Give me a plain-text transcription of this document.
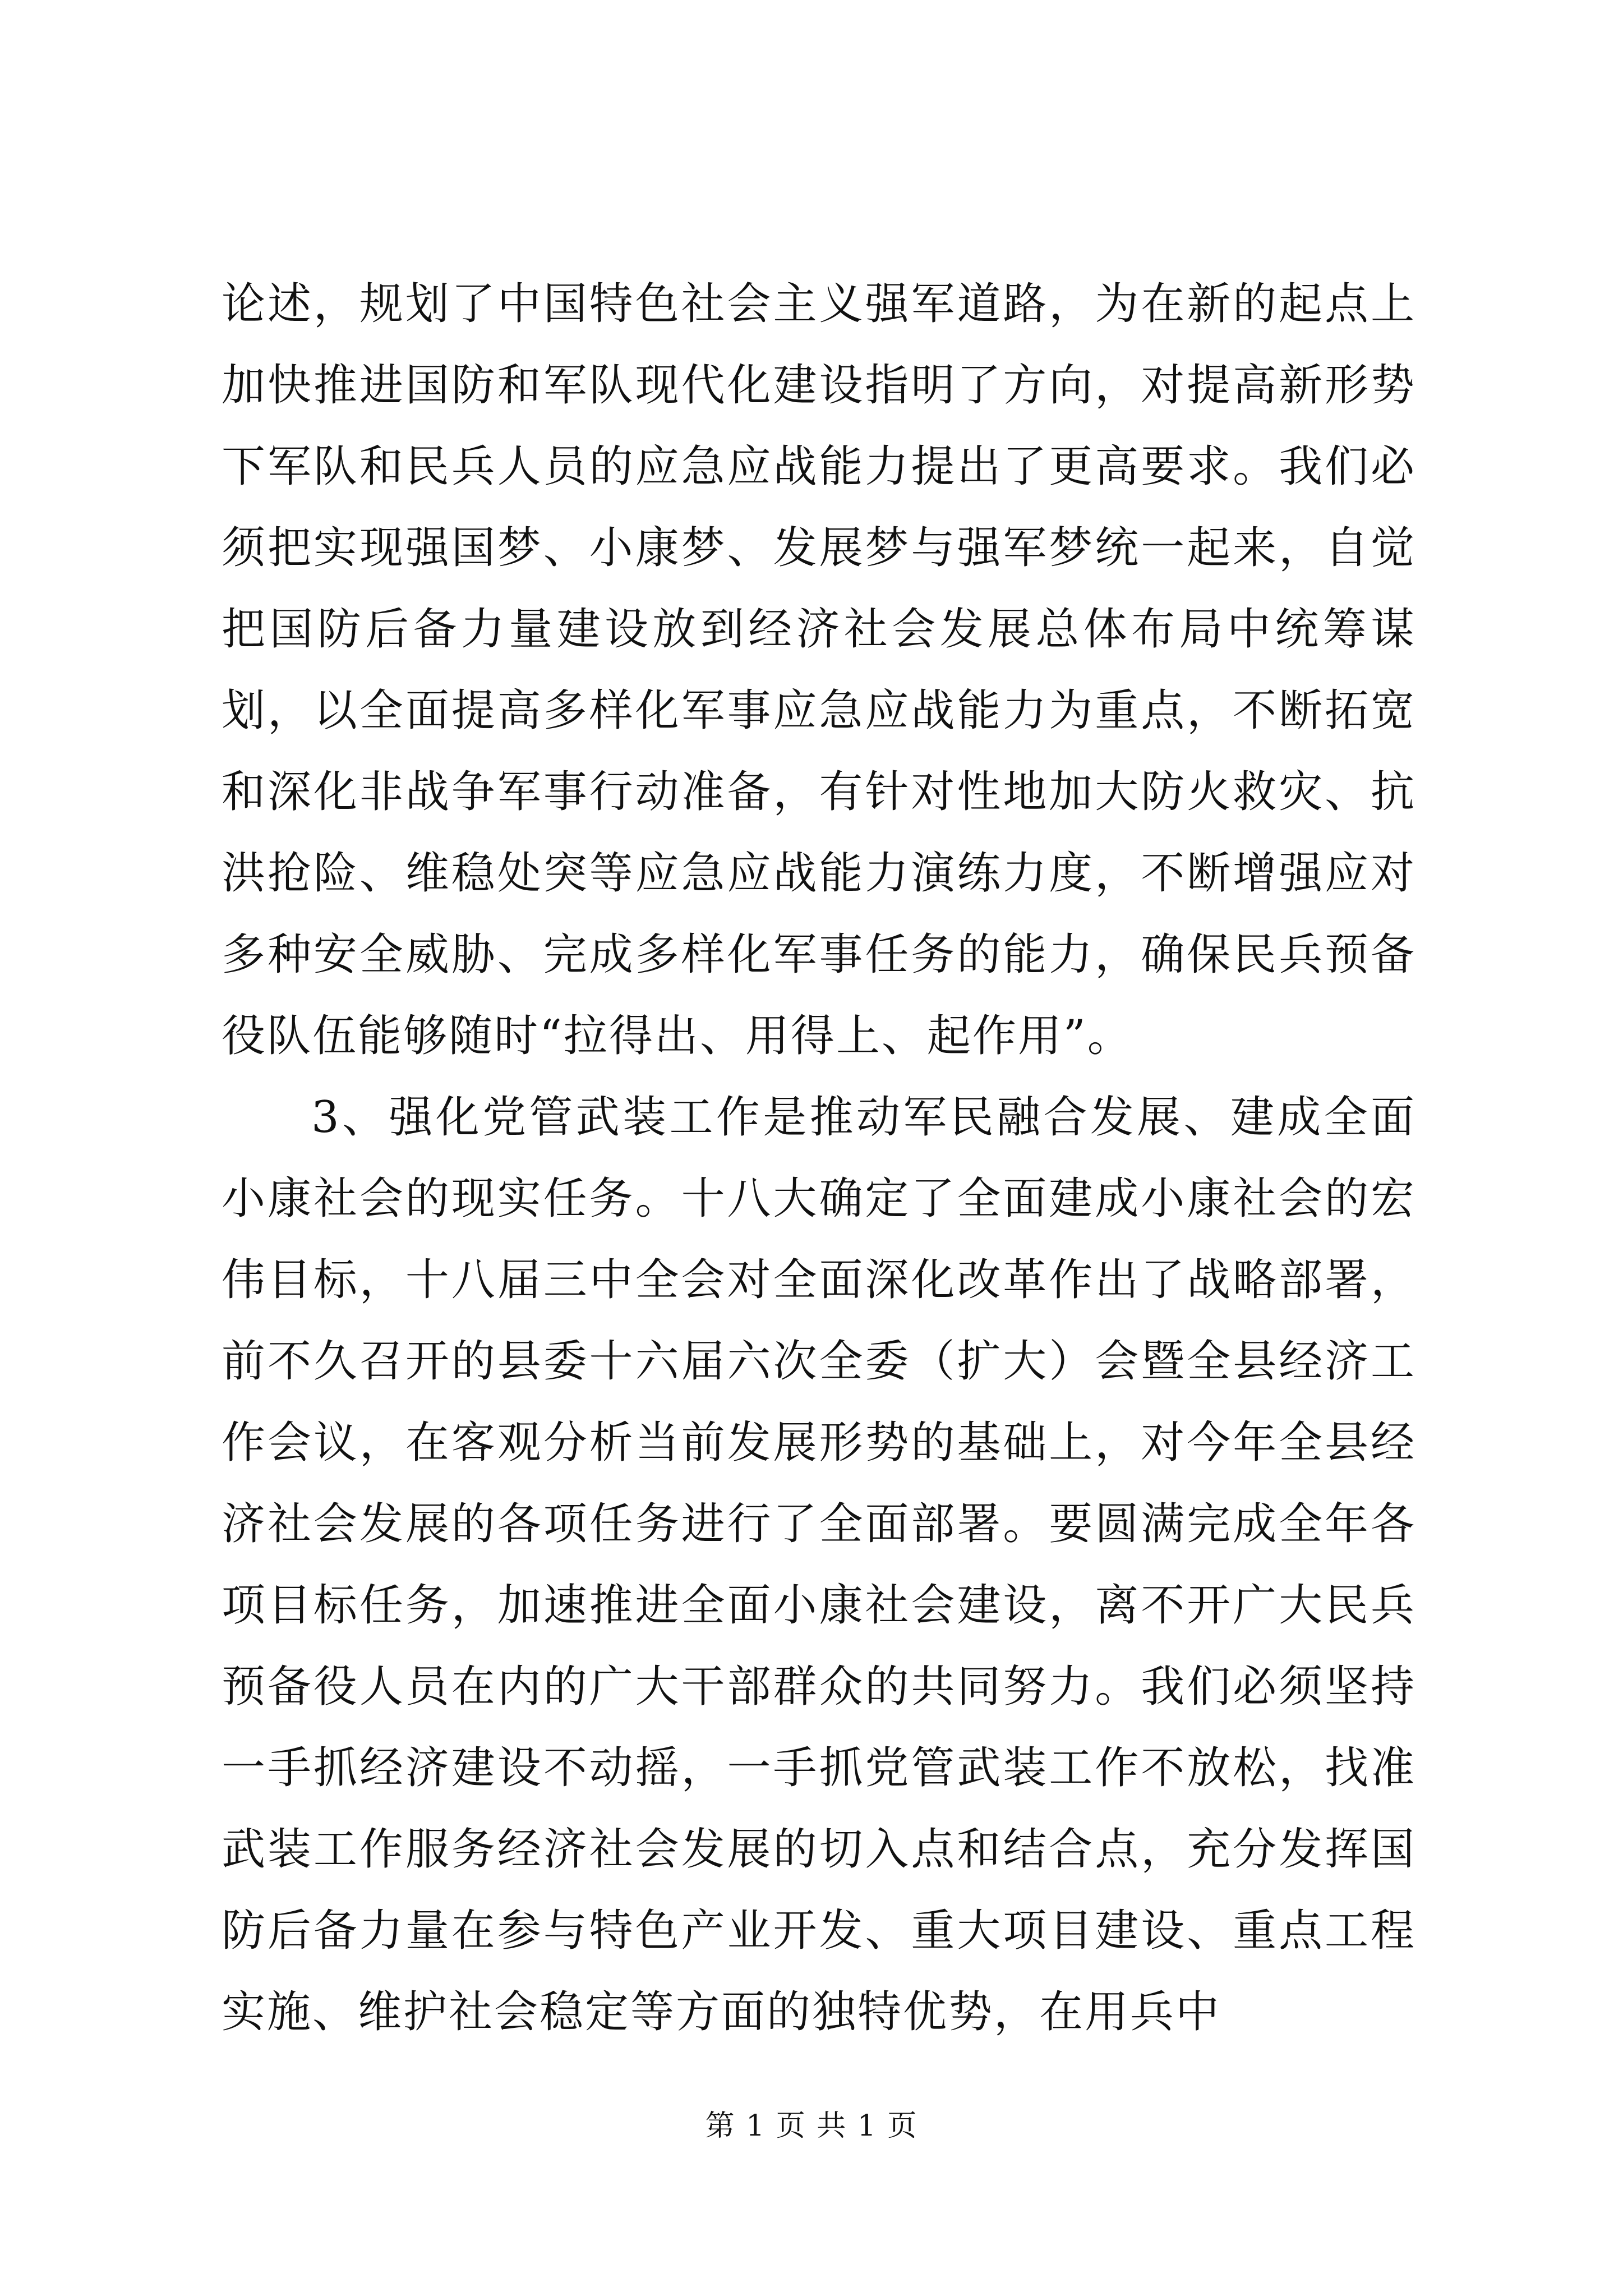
论述，规划了中国特色社会主义强军道路，为在新的起点上加快推进国防和军队现代化建设指明了方向，对提高新形势下军队和民兵人员的应急应战能力提出了更高要求。我们必须把实现强国梦、小康梦、发展梦与强军梦统一起来，自觉把国防后备力量建设放到经济社会发展总体布局中统筹谋划，以全面提高多样化军事应急应战能力为重点，不断拓宽和深化非战争军事行动准备，有针对性地加大防火救灾、抗洪抢险、维稳处突等应急应战能力演练力度，不断增强应对多种安全威胁、完成多样化军事任务的能力，确保民兵预备役队伍能够随时“拉得出、用得上、起作用”。

3、强化党管武装工作是推动军民融合发展、建成全面小康社会的现实任务。十八大确定了全面建成小康社会的宏伟目标，十八届三中全会对全面深化改革作出了战略部署，前不久召开的县委十六届六次全委（扩大）会暨全县经济工作会议，在客观分析当前发展形势的基础上，对今年全县经济社会发展的各项任务进行了全面部署。要圆满完成全年各项目标任务，加速推进全面小康社会建设，离不开广大民兵预备役人员在内的广大干部群众的共同努力。我们必须坚持一手抓经济建设不动摇，一手抓党管武装工作不放松，找准武装工作服务经济社会发展的切入点和结合点，充分发挥国防后备力量在参与特色产业开发、重大项目建设、重点工程实施、维护社会稳定等方面的独特优势，在用兵中

第 1 页 共 1 页
